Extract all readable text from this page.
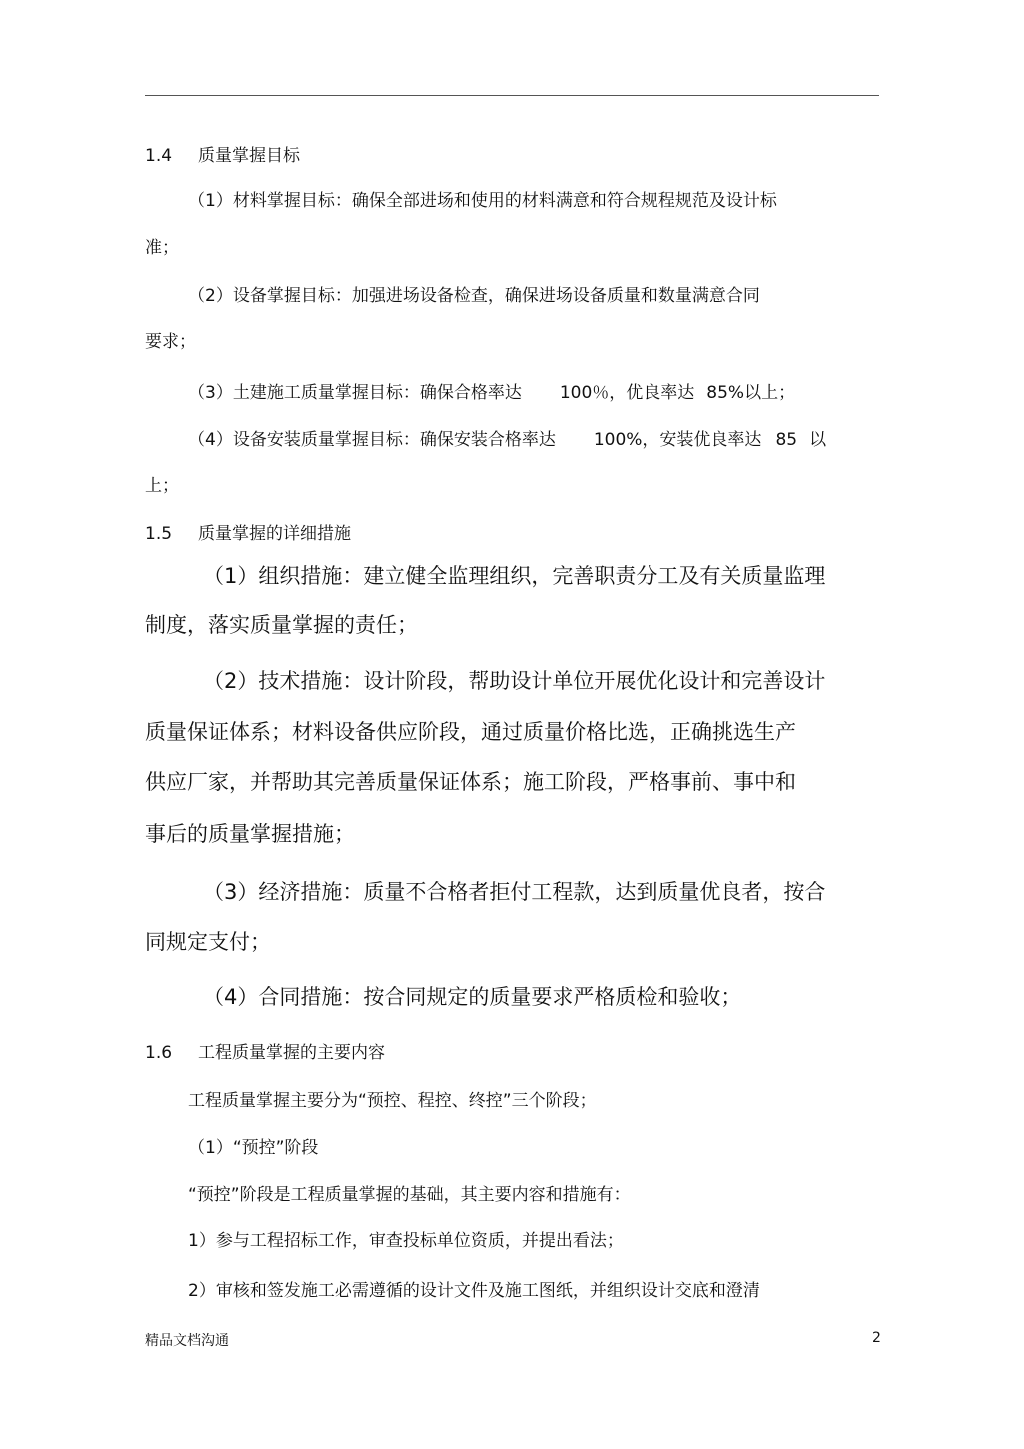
1.4 质量掌握目标
（1）材料掌握目标：确保全部进场和使用的材料满意和符合规程规范及设计标
准；
（2）设备掌握目标：加强进场设备检查，确保进场设备质量和数量满意合同
要求；
（3）土建施工质量掌握目标：确保合格率达 100％，优良率达 85%以上；
（4）设备安装质量掌握目标：确保安装合格率达 100%，安装优良率达 85 以
上；
1.5 质量掌握的详细措施
（1）组织措施：建立健全监理组织，完善职责分工及有关质量监理
制度，落实质量掌握的责任；
（2）技术措施：设计阶段，帮助设计单位开展优化设计和完善设计
质量保证体系；材料设备供应阶段，通过质量价格比选，正确挑选生产
供应厂家，并帮助其完善质量保证体系；施工阶段，严格事前、事中和
事后的质量掌握措施；
（3）经济措施：质量不合格者拒付工程款，达到质量优良者，按合
同规定支付；
（4）合同措施：按合同规定的质量要求严格质检和验收；
1.6 工程质量掌握的主要内容
工程质量掌握主要分为“预控、程控、终控”三个阶段；
（1）“预控”阶段
“预控”阶段是工程质量掌握的基础，其主要内容和措施有：
1）参与工程招标工作，审查投标单位资质，并提出看法；
2）审核和签发施工必需遵循的设计文件及施工图纸，并组织设计交底和澄清
精品文档沟通	2
